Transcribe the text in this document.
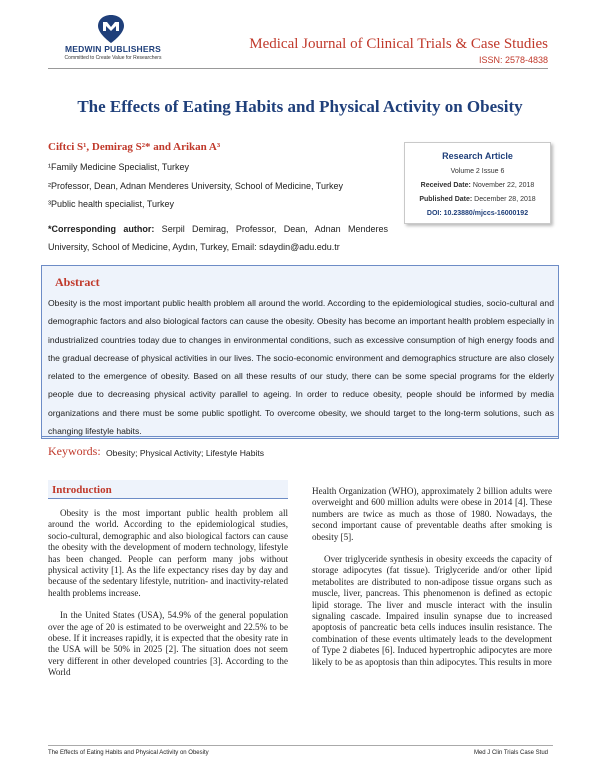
MEDWIN PUBLISHERS
Committed to Create Value for Researchers
Medical Journal of Clinical Trials & Case Studies
ISSN: 2578-4838
The Effects of Eating Habits and Physical Activity on Obesity
Ciftci S¹, Demirag S²* and Arikan A³
¹Family Medicine Specialist, Turkey
²Professor, Dean, Adnan Menderes University, School of Medicine, Turkey
³Public health specialist, Turkey
*Corresponding author: Serpil Demirag, Professor, Dean, Adnan Menderes University, School of Medicine, Aydın, Turkey, Email: sdaydin@adu.edu.tr
Research Article
Volume 2 Issue 6
Received Date: November 22, 2018
Published Date: December 28, 2018
DOI: 10.23880/mjccs-16000192
Abstract
Obesity is the most important public health problem all around the world. According to the epidemiological studies, socio-cultural and demographic factors and also biological factors can cause the obesity. Obesity has become an important health problem especially in industrialized countries today due to changes in environmental conditions, such as excessive consumption of high energy foods and the gradual decrease of physical activities in our lives. The socio-economic environment and demographics structure are also closely related to the emergence of obesity. Based on all these results of our study, there can be some special programs for the elderly people due to decreasing physical activity parallel to ageing. In order to reduce obesity, people should be informed by media organizations and there must be some public spotlight. To overcome obesity, we should target to the long-term solutions, such as changing lifestyle habits.
Keywords: Obesity; Physical Activity; Lifestyle Habits
Introduction

Obesity is the most important public health problem all around the world. According to the epidemiological studies, socio-cultural, demographic and also biological factors can cause the obesity with the development of modern technology, lifestyle has been changed. People can perform many jobs without physical activity [1]. As the life expectancy rises day by day and because of the sedentary lifestyle, nutrition- and inactivity-related health problems increase.

In the United States (USA), 54.9% of the general population over the age of 20 is estimated to be overweight and 22.5% to be obese. If it increases rapidly, it is expected that the obesity rate in the USA will be 50% in 2025 [2]. The situation does not seem very different in other developed countries [3]. According to the World

Health Organization (WHO), approximately 2 billion adults were overweight and 600 million adults were obese in 2014 [4]. These numbers are twice as much as those of 1980. Nowadays, the second important cause of preventable deaths after smoking is obesity [5].

Over triglyceride synthesis in obesity exceeds the capacity of storage adipocytes (fat tissue). Triglyceride and/or other lipid metabolites are distributed to non-adipose tissue organs such as muscle, liver, pancreas. This phenomenon is defined as ectopic lipid storage. The liver and muscle interact with the insulin signaling cascade. Impaired insulin synapse due to increased apoptosis of pancreatic beta cells induces insulin resistance. The combination of these events ultimately leads to the development of Type 2 diabetes [6]. Induced hypertrophic adipocytes are more likely to be as apoptosis than thin adipocytes. This results in more

The Effects of Eating Habits and Physical Activity on Obesity	Med J Clin Trials Case Stud
